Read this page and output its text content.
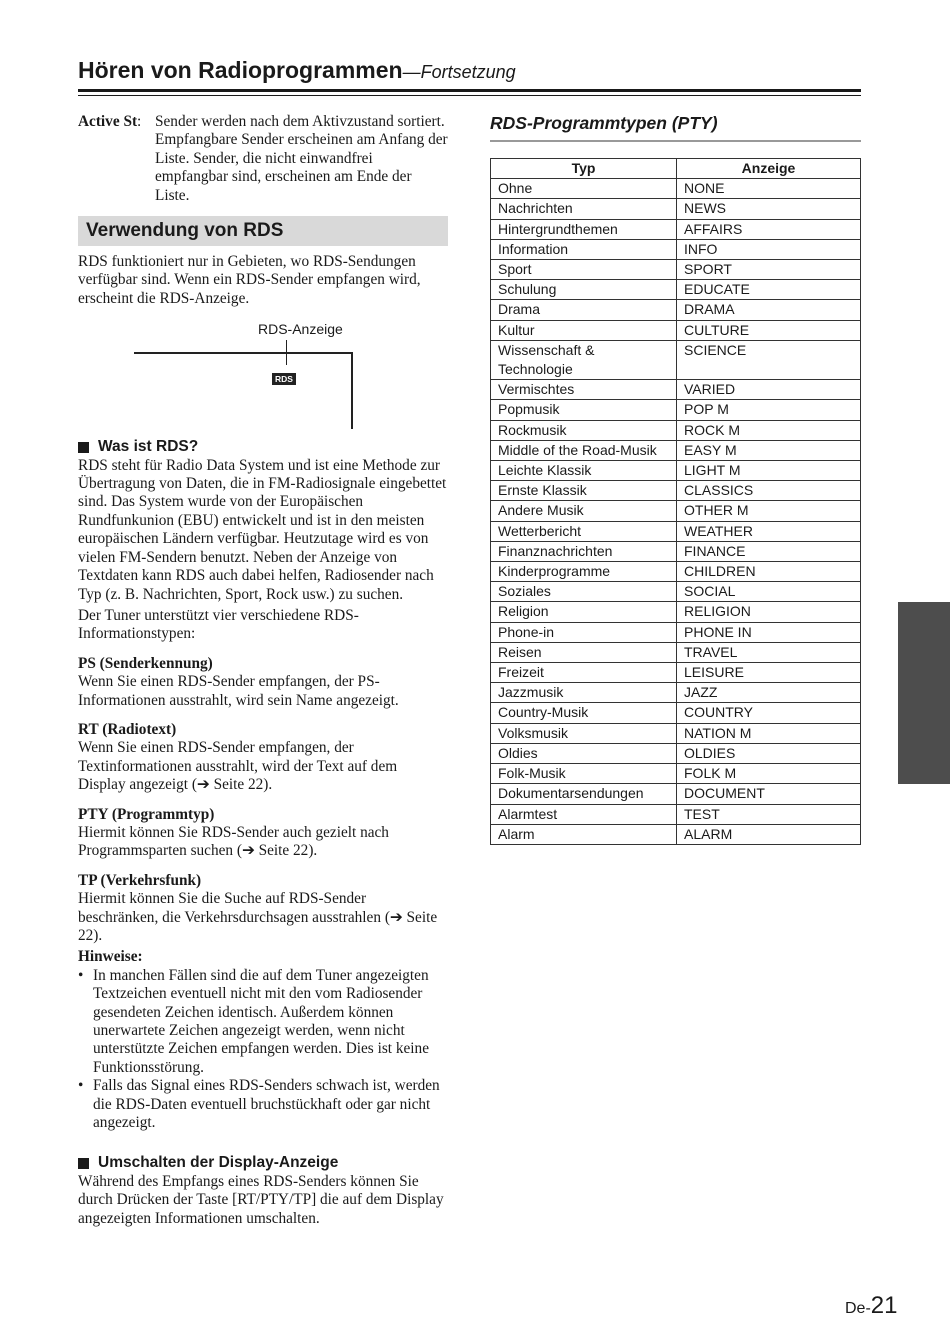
Hören von Radioprogrammen—Fortsetzung
Active St: Sender werden nach dem Aktivzustand sortiert. Empfangbare Sender erscheinen am Anfang der Liste. Sender, die nicht einwandfrei empfangbar sind, erscheinen am Ende der Liste.
Verwendung von RDS

RDS funktioniert nur in Gebieten, wo RDS-Sendungen verfügbar sind. Wenn ein RDS-Sender empfangen wird, erscheint die RDS-Anzeige.

RDS-Anzeige
RDS
Was ist RDS?

RDS steht für Radio Data System und ist eine Methode zur Übertragung von Daten, die in FM-Radiosignale eingebettet sind. Das System wurde von der Europäischen Rundfunkunion (EBU) entwickelt und ist in den meisten europäischen Ländern verfügbar. Heutzutage wird es von vielen FM-Sendern benutzt. Neben der Anzeige von Textdaten kann RDS auch dabei helfen, Radiosender nach Typ (z. B. Nachrichten, Sport, Rock usw.) zu suchen.

Der Tuner unterstützt vier verschiedene RDS-Informationstypen:

PS (Senderkennung)

Wenn Sie einen RDS-Sender empfangen, der PS-Informationen ausstrahlt, wird sein Name angezeigt.

RT (Radiotext)

Wenn Sie einen RDS-Sender empfangen, der Textinformationen ausstrahlt, wird der Text auf dem Display angezeigt (➔ Seite 22).

PTY (Programmtyp)

Hiermit können Sie RDS-Sender auch gezielt nach Programmsparten suchen (➔ Seite 22).

TP (Verkehrsfunk)

Hiermit können Sie die Suche auf RDS-Sender beschränken, die Verkehrsdurchsagen ausstrahlen (➔ Seite 22).

Hinweise:

• In manchen Fällen sind die auf dem Tuner angezeigten Textzeichen eventuell nicht mit den vom Radiosender gesendeten Zeichen identisch. Außerdem können unerwartete Zeichen angezeigt werden, wenn nicht unterstützte Zeichen empfangen werden. Dies ist keine Funktionsstörung.
• Falls das Signal eines RDS-Senders schwach ist, werden die RDS-Daten eventuell bruchstückhaft oder gar nicht angezeigt.
Umschalten der Display-Anzeige

Während des Empfangs eines RDS-Senders können Sie durch Drücken der Taste [RT/PTY/TP] die auf dem Display angezeigten Informationen umschalten.

RDS-Programmtypen (PTY)
Typ	Anzeige
Ohne	NONE
Nachrichten	NEWS
Hintergrundthemen	AFFAIRS
Information	INFO
Sport	SPORT
Schulung	EDUCATE
Drama	DRAMA
Kultur	CULTURE
Wissenschaft & Technologie	SCIENCE
Vermischtes	VARIED
Popmusik	POP M
Rockmusik	ROCK M
Middle of the Road-Musik	EASY M
Leichte Klassik	LIGHT M
Ernste Klassik	CLASSICS
Andere Musik	OTHER M
Wetterbericht	WEATHER
Finanznachrichten	FINANCE
Kinderprogramme	CHILDREN
Soziales	SOCIAL
Religion	RELIGION
Phone-in	PHONE IN
Reisen	TRAVEL
Freizeit	LEISURE
Jazzmusik	JAZZ
Country-Musik	COUNTRY
Volksmusik	NATION M
Oldies	OLDIES
Folk-Musik	FOLK M
Dokumentarsendungen	DOCUMENT
Alarmtest	TEST
Alarm	ALARM
De-21
